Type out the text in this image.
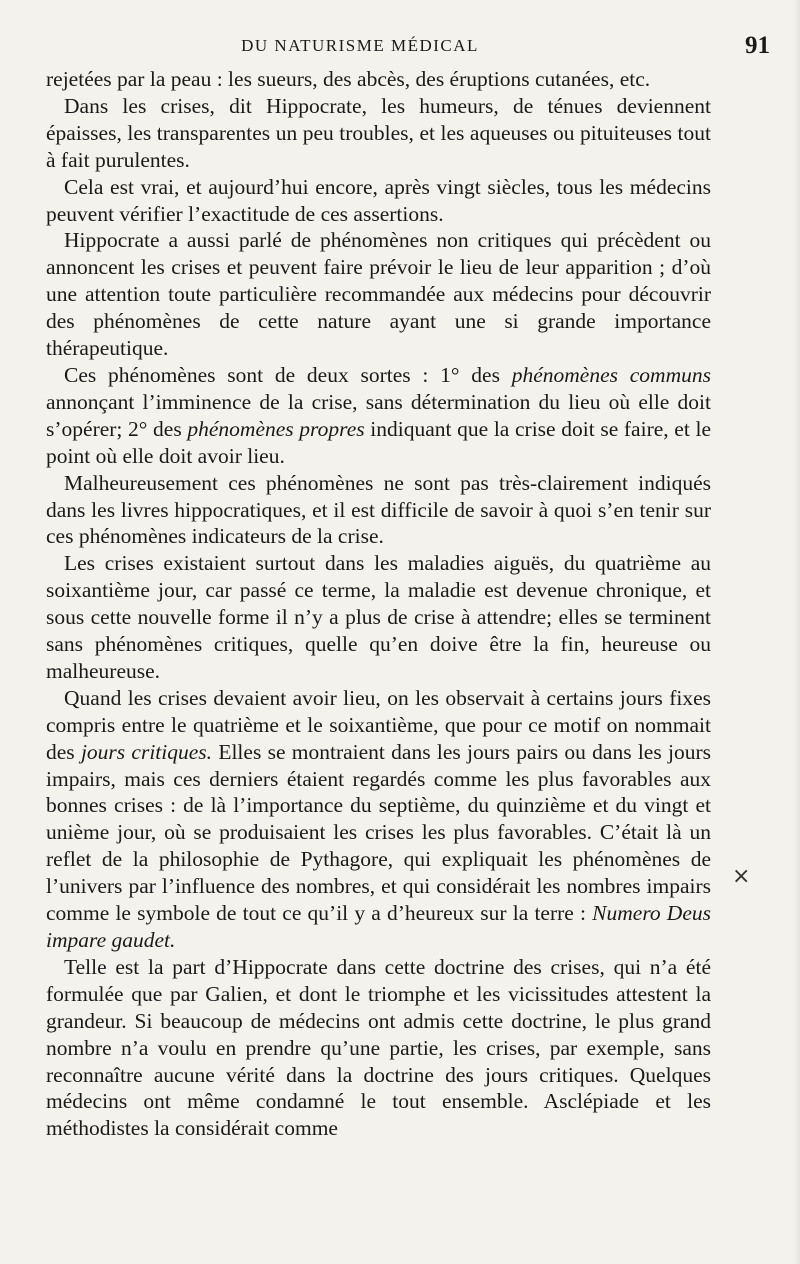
DU NATURISME MÉDICAL	91

rejetées par la peau : les sueurs, des abcès, des éruptions cutanées, etc.

Dans les crises, dit Hippocrate, les humeurs, de ténues deviennent épaisses, les transparentes un peu troubles, et les aqueuses ou pituiteuses tout à fait purulentes.

Cela est vrai, et aujourd’hui encore, après vingt siècles, tous les médecins peuvent vérifier l’exactitude de ces assertions.

Hippocrate a aussi parlé de phénomènes non critiques qui précèdent ou annoncent les crises et peuvent faire prévoir le lieu de leur apparition ; d’où une attention toute particulière recommandée aux médecins pour découvrir des phénomènes de cette nature ayant une si grande importance thérapeutique.

Ces phénomènes sont de deux sortes : 1° des phénomènes communs annonçant l’imminence de la crise, sans détermination du lieu où elle doit s’opérer; 2° des phénomènes propres indiquant que la crise doit se faire, et le point où elle doit avoir lieu.

Malheureusement ces phénomènes ne sont pas très-clairement indiqués dans les livres hippocratiques, et il est difficile de savoir à quoi s’en tenir sur ces phénomènes indicateurs de la crise.

Les crises existaient surtout dans les maladies aiguës, du quatrième au soixantième jour, car passé ce terme, la maladie est devenue chronique, et sous cette nouvelle forme il n’y a plus de crise à attendre; elles se terminent sans phénomènes critiques, quelle qu’en doive être la fin, heureuse ou malheureuse.

Quand les crises devaient avoir lieu, on les observait à certains jours fixes compris entre le quatrième et le soixantième, que pour ce motif on nommait des jours critiques. Elles se montraient dans les jours pairs ou dans les jours impairs, mais ces derniers étaient regardés comme les plus favorables aux bonnes crises : de là l’importance du septième, du quinzième et du vingt et unième jour, où se produisaient les crises les plus favorables. C’était là un reflet de la philosophie de Pythagore, qui expliquait les phénomènes de l’univers par l’influence des nombres, et qui considérait les nombres impairs comme le symbole de tout ce qu’il y a d’heureux sur la terre : Numero Deus impare gaudet.

Telle est la part d’Hippocrate dans cette doctrine des crises, qui n’a été formulée que par Galien, et dont le triomphe et les vicissitudes attestent la grandeur. Si beaucoup de médecins ont admis cette doctrine, le plus grand nombre n’a voulu en prendre qu’une partie, les crises, par exemple, sans reconnaître aucune vérité dans la doctrine des jours critiques. Quelques médecins ont même condamné le tout ensemble. Asclépiade et les méthodistes la considérait comme

×
